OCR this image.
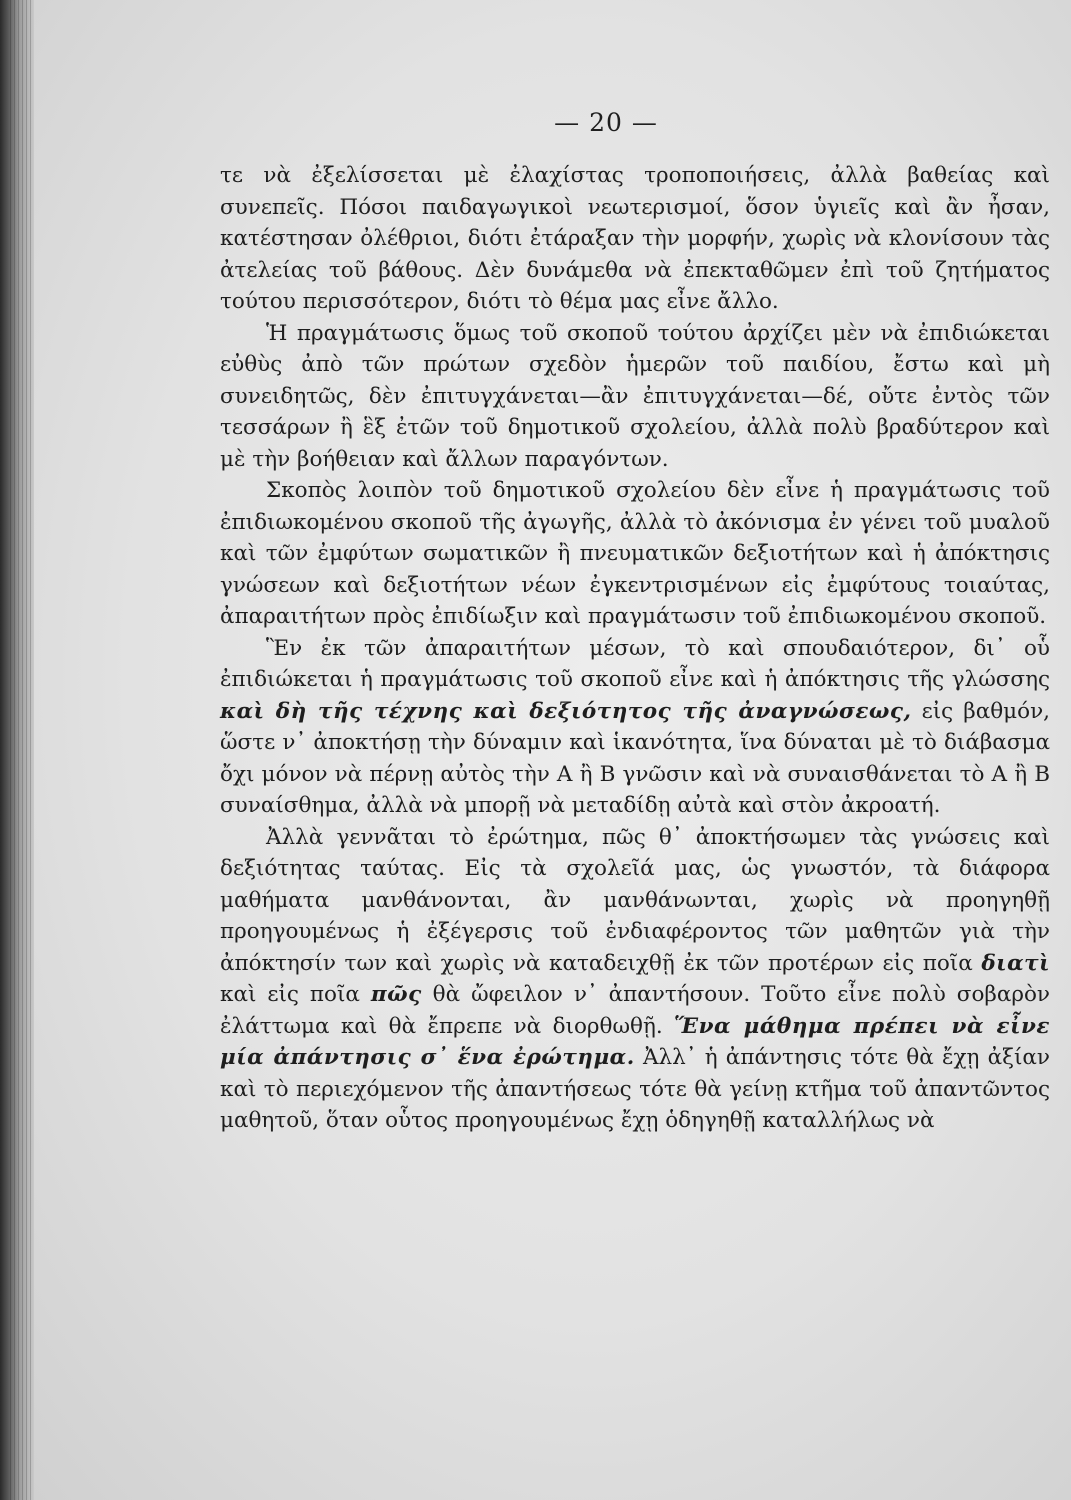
— 20 —

τε νὰ ἐξελίσσεται μὲ ἐλαχίστας τροποποιήσεις, ἀλλὰ βαθείας καὶ συνεπεῖς. Πόσοι παιδαγωγικοὶ νεωτερισμοί, ὅσον ὑγιεῖς καὶ ἂν ἦσαν, κατέστησαν ὀλέθριοι, διότι ἐτάραξαν τὴν μορφήν, χωρὶς νὰ κλονίσουν τὰς ἀτελείας τοῦ βάθους. Δὲν δυνάμεθα νὰ ἐπεκταθῶμεν ἐπὶ τοῦ ζητήματος τούτου περισσότερον, διότι τὸ θέμα μας εἶνε ἄλλο.

Ἡ πραγμάτωσις ὅμως τοῦ σκοποῦ τούτου ἀρχίζει μὲν νὰ ἐπιδιώκεται εὐθὺς ἀπὸ τῶν πρώτων σχεδὸν ἡμερῶν τοῦ παιδίου, ἔστω καὶ μὴ συνειδητῶς, δὲν ἐπιτυγχάνεται—ἂν ἐπιτυγχάνεται—δέ, οὔτε ἐντὸς τῶν τεσσάρων ἢ ἓξ ἐτῶν τοῦ δημοτικοῦ σχολείου, ἀλλὰ πολὺ βραδύτερον καὶ μὲ τὴν βοήθειαν καὶ ἄλλων παραγόντων.

Σκοπὸς λοιπὸν τοῦ δημοτικοῦ σχολείου δὲν εἶνε ἡ πραγμάτωσις τοῦ ἐπιδιωκομένου σκοποῦ τῆς ἀγωγῆς, ἀλλὰ τὸ ἀκόνισμα ἐν γένει τοῦ μυαλοῦ καὶ τῶν ἐμφύτων σωματικῶν ἢ πνευματικῶν δεξιοτήτων καὶ ἡ ἀπόκτησις γνώσεων καὶ δεξιοτήτων νέων ἐγκεντρισμένων εἰς ἐμφύτους τοιαύτας, ἀπαραιτήτων πρὸς ἐπιδίωξιν καὶ πραγμάτωσιν τοῦ ἐπιδιωκομένου σκοποῦ.

Ἓν ἐκ τῶν ἀπαραιτήτων μέσων, τὸ καὶ σπουδαιότερον, δι᾽ οὗ ἐπιδιώκεται ἡ πραγμάτωσις τοῦ σκοποῦ εἶνε καὶ ἡ ἀπόκτησις τῆς γλώσσης καὶ δὴ τῆς τέχνης καὶ δεξιότητος τῆς ἀναγνώσεως, εἰς βαθμόν, ὥστε ν᾽ ἀποκτήσῃ τὴν δύναμιν καὶ ἱκανότητα, ἵνα δύναται μὲ τὸ διάβασμα ὄχι μόνον νὰ πέρνῃ αὐτὸς τὴν Α ἢ Β γνῶσιν καὶ νὰ συναισθάνεται τὸ Α ἢ Β συναίσθημα, ἀλλὰ νὰ μπορῇ νὰ μεταδίδῃ αὐτὰ καὶ στὸν ἀκροατή.

Ἀλλὰ γεννᾶται τὸ ἐρώτημα, πῶς θ᾽ ἀποκτήσωμεν τὰς γνώσεις καὶ δεξιότητας ταύτας. Εἰς τὰ σχολεῖά μας, ὡς γνωστόν, τὰ διάφορα μαθήματα μανθάνονται, ἂν μανθάνωνται, χωρὶς νὰ προηγηθῇ προηγουμένως ἡ ἐξέγερσις τοῦ ἐνδιαφέροντος τῶν μαθητῶν γιὰ τὴν ἀπόκτησίν των καὶ χωρὶς νὰ καταδειχθῇ ἐκ τῶν προτέρων εἰς ποῖα διατὶ καὶ εἰς ποῖα πῶς θὰ ὤφειλον ν᾽ ἀπαντήσουν. Τοῦτο εἶνε πολὺ σοβαρὸν ἐλάττωμα καὶ θὰ ἔπρεπε νὰ διορθωθῇ. Ἕνα μάθημα πρέπει νὰ εἶνε μία ἀπάντησις σ᾽ ἕνα ἐρώτημα. Ἀλλ᾽ ἡ ἀπάντησις τότε θὰ ἔχῃ ἀξίαν καὶ τὸ περιεχόμενον τῆς ἀπαντήσεως τότε θὰ γείνῃ κτῆμα τοῦ ἀπαντῶντος μαθητοῦ, ὅταν οὗτος προηγουμένως ἔχῃ ὁδηγηθῇ καταλλήλως νὰ
